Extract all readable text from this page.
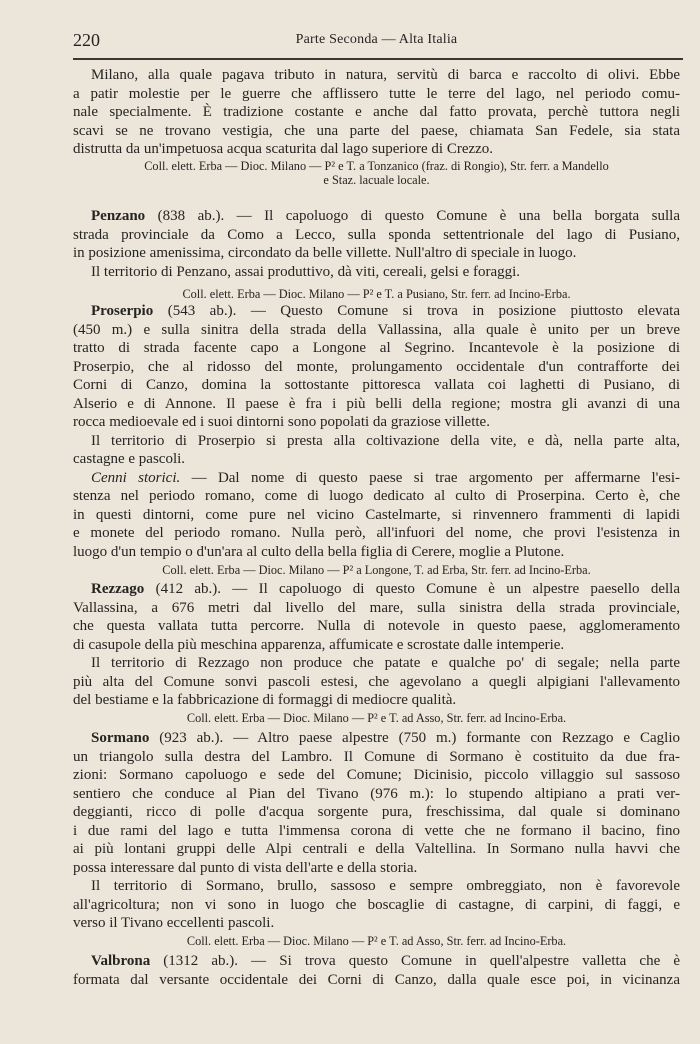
220	Parte Seconda — Alta Italia
Milano, alla quale pagava tributo in natura, servitù di barca e raccolto di olivi. Ebbe
a patir molestie per le guerre che afflissero tutte le terre del lago, nel periodo comu-
nale specialmente. È tradizione costante e anche dal fatto provata, perchè tuttora negli
scavi se ne trovano vestigia, che una parte del paese, chiamata San Fedele, sia stata
distrutta da un'impetuosa acqua scaturita dal lago superiore di Crezzo.
Coll. elett. Erba — Dioc. Milano — P² e T. a Tonzanico (fraz. di Rongio), Str. ferr. a Mandello
e Staz. lacuale locale.
Penzano (838 ab.). — Il capoluogo di questo Comune è una bella borgata sulla
strada provinciale da Como a Lecco, sulla sponda settentrionale del lago di Pusiano,
in posizione amenissima, circondato da belle villette. Null'altro di speciale in luogo.
Il territorio di Penzano, assai produttivo, dà viti, cereali, gelsi e foraggi.
Coll. elett. Erba — Dioc. Milano — P² e T. a Pusiano, Str. ferr. ad Incino-Erba.
Proserpio (543 ab.). — Questo Comune si trova in posizione piuttosto elevata
(450 m.) e sulla sinitra della strada della Vallassina, alla quale è unito per un breve
tratto di strada facente capo a Longone al Segrino. Incantevole è la posizione di
Proserpio, che al ridosso del monte, prolungamento occidentale d'un contrafforte dei
Corni di Canzo, domina la sottostante pittoresca vallata coi laghetti di Pusiano, di
Alserio e di Annone. Il paese è fra i più belli della regione; mostra gli avanzi di una
rocca medioevale ed i suoi dintorni sono popolati da graziose villette.
Il territorio di Proserpio si presta alla coltivazione della vite, e dà, nella parte alta,
castagne e pascoli.
Cenni storici. — Dal nome di questo paese si trae argomento per affermarne l'esi-
stenza nel periodo romano, come di luogo dedicato al culto di Proserpina. Certo è, che
in questi dintorni, come pure nel vicino Castelmarte, si rinvennero frammenti di lapidi
e monete del periodo romano. Nulla però, all'infuori del nome, che provi l'esistenza in
luogo d'un tempio o d'un'ara al culto della bella figlia di Cerere, moglie a Plutone.
Coll. elett. Erba — Dioc. Milano — P² a Longone, T. ad Erba, Str. ferr. ad Incino-Erba.
Rezzago (412 ab.). — Il capoluogo di questo Comune è un alpestre paesello della
Vallassina, a 676 metri dal livello del mare, sulla sinistra della strada provinciale,
che questa vallata tutta percorre. Nulla di notevole in questo paese, agglomeramento
di casupole della più meschina apparenza, affumicate e scrostate dalle intemperie.
Il territorio di Rezzago non produce che patate e qualche po' di segale; nella parte
più alta del Comune sonvi pascoli estesi, che agevolano a quegli alpigiani l'allevamento
del bestiame e la fabbricazione di formaggi di mediocre qualità.
Coll. elett. Erba — Dioc. Milano — P² e T. ad Asso, Str. ferr. ad Incino-Erba.
Sormano (923 ab.). — Altro paese alpestre (750 m.) formante con Rezzago e Caglio
un triangolo sulla destra del Lambro. Il Comune di Sormano è costituito da due fra-
zioni: Sormano capoluogo e sede del Comune; Dicinisio, piccolo villaggio sul sassoso
sentiero che conduce al Pian del Tivano (976 m.): lo stupendo altipiano a prati ver-
deggianti, ricco di polle d'acqua sorgente pura, freschissima, dal quale si dominano
i due rami del lago e tutta l'immensa corona di vette che ne formano il bacino, fino
ai più lontani gruppi delle Alpi centrali e della Valtellina. In Sormano nulla havvi che
possa interessare dal punto di vista dell'arte e della storia.
Il territorio di Sormano, brullo, sassoso e sempre ombreggiato, non è favorevole
all'agricoltura; non vi sono in luogo che boscaglie di castagne, di carpini, di faggi, e
verso il Tivano eccellenti pascoli.
Coll. elett. Erba — Dioc. Milano — P² e T. ad Asso, Str. ferr. ad Incino-Erba.
Valbrona (1312 ab.). — Si trova questo Comune in quell'alpestre valletta che è
formata dal versante occidentale dei Corni di Canzo, dalla quale esce poi, in vicinanza
